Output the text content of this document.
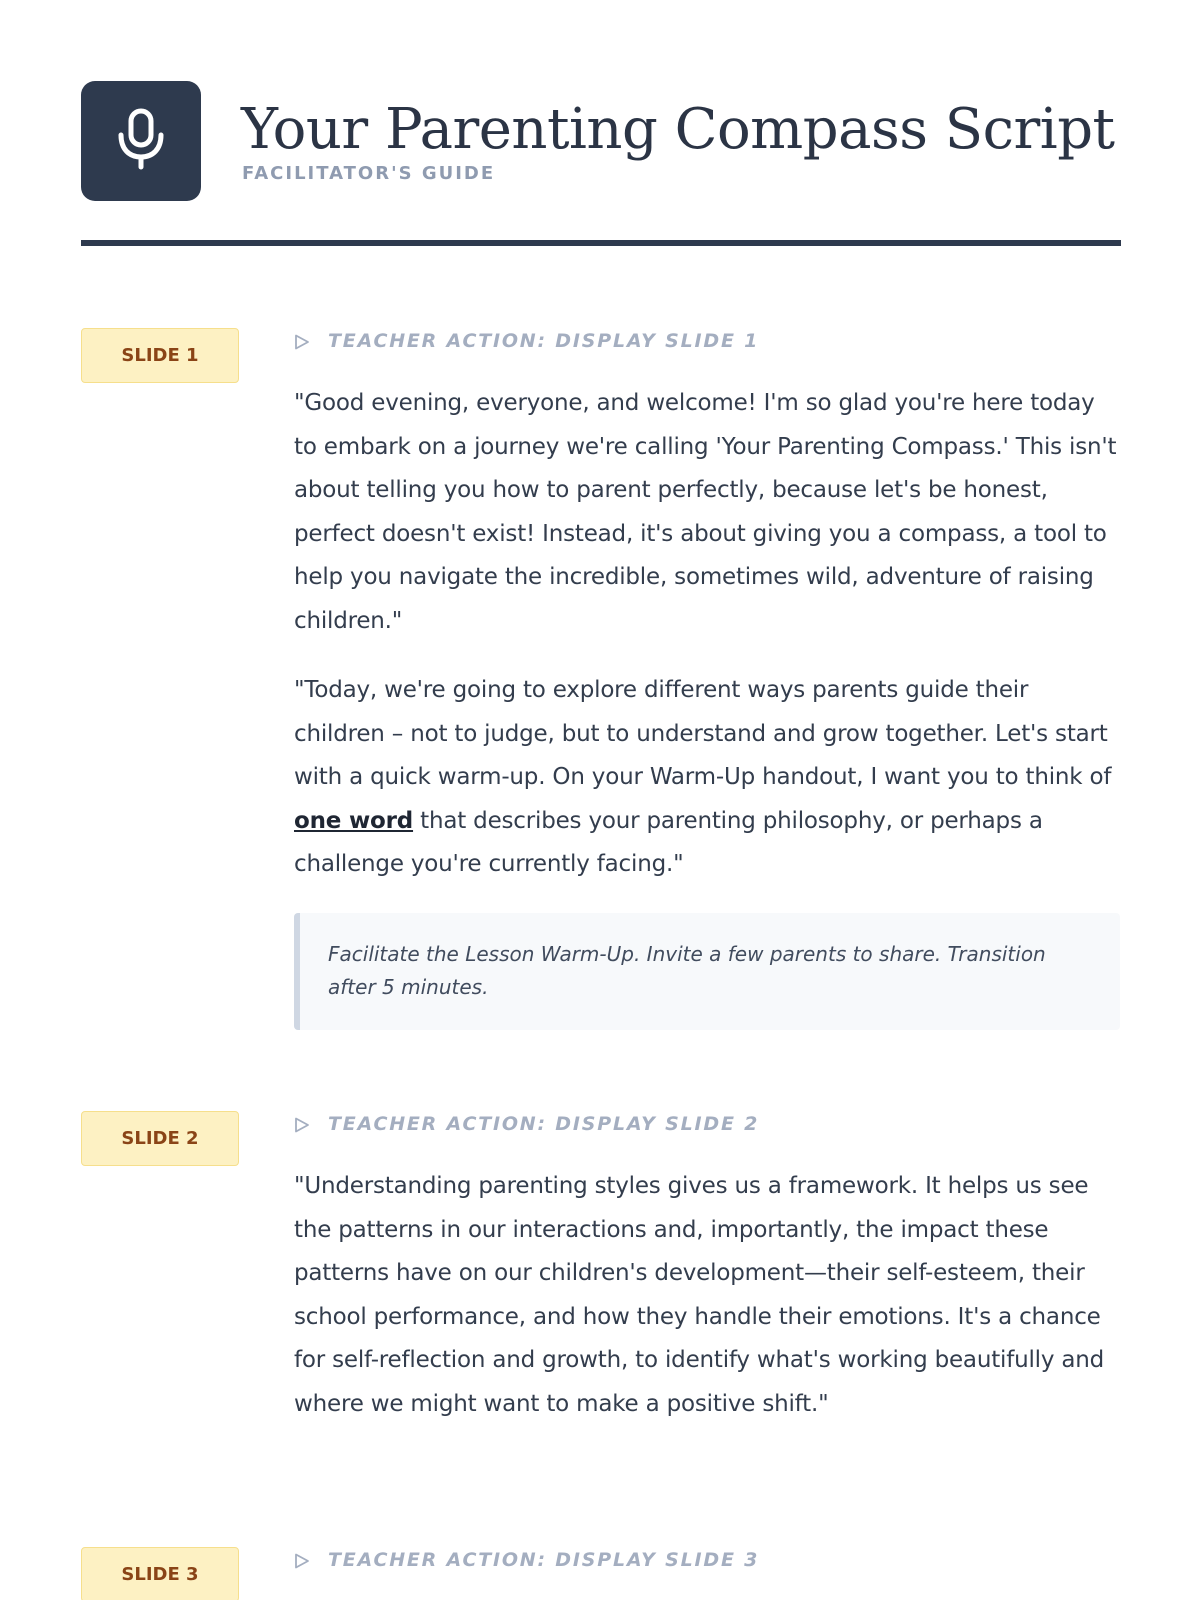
Your Parenting Compass Script
FACILITATOR'S GUIDE
SLIDE 1
TEACHER ACTION: DISPLAY SLIDE 1

"Good evening, everyone, and welcome! I'm so glad you're here today to embark on a journey we're calling 'Your Parenting Compass.' This isn't about telling you how to parent perfectly, because let's be honest, perfect doesn't exist! Instead, it's about giving you a compass, a tool to help you navigate the incredible, sometimes wild, adventure of raising children."

"Today, we're going to explore different ways parents guide their children – not to judge, but to understand and grow together. Let's start with a quick warm-up. On your Warm-Up handout, I want you to think of one word that describes your parenting philosophy, or perhaps a challenge you're currently facing."

Facilitate the Lesson Warm-Up. Invite a few parents to share. Transition after 5 minutes.
SLIDE 2
TEACHER ACTION: DISPLAY SLIDE 2

"Understanding parenting styles gives us a framework. It helps us see the patterns in our interactions and, importantly, the impact these patterns have on our children's development—their self-esteem, their school performance, and how they handle their emotions. It's a chance for self-reflection and growth, to identify what's working beautifully and where we might want to make a positive shift."

SLIDE 3
TEACHER ACTION: DISPLAY SLIDE 3
